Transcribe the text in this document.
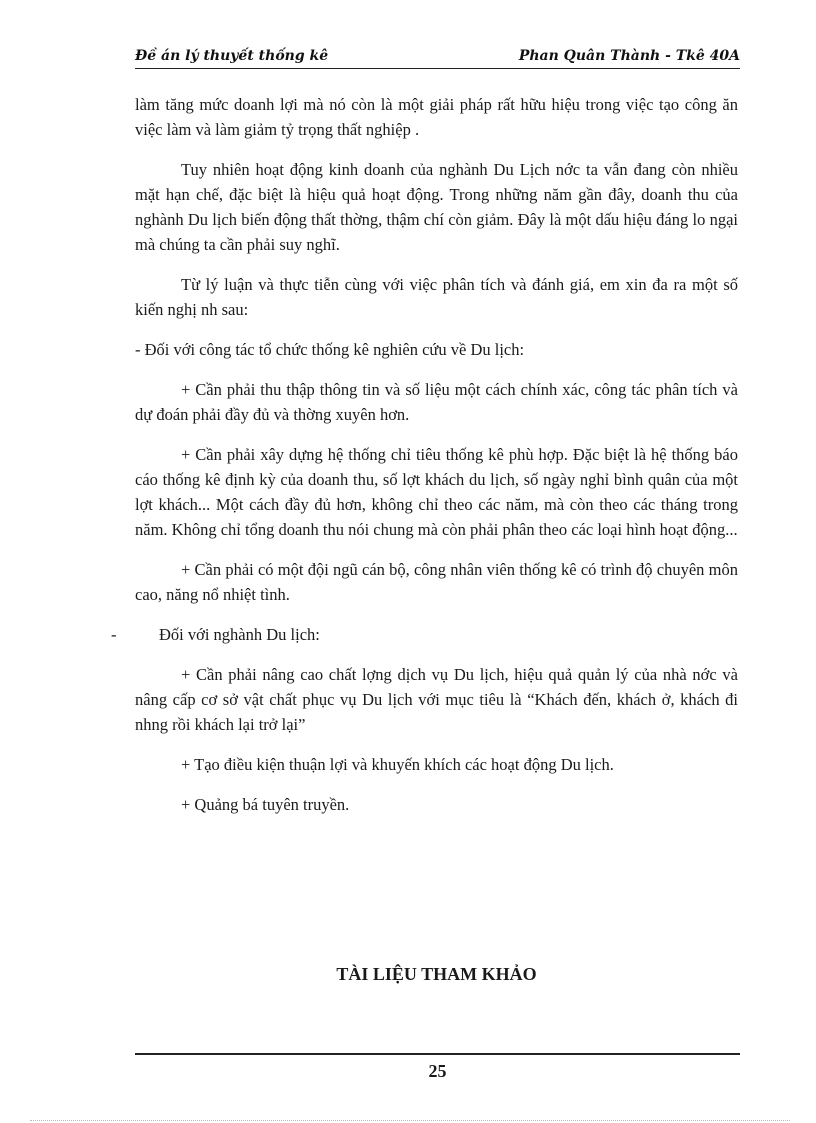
Đề án lý thuyết thống kê	Phan Quân Thành - Tkê 40A

làm tăng mức doanh lợi mà nó còn là một giải pháp rất hữu hiệu trong việc tạo công ăn việc làm và làm giảm tỷ trọng thất nghiệp .

Tuy nhiên hoạt động kinh doanh của nghành Du Lịch nớc ta vẫn đang còn nhiều mặt hạn chế, đặc biệt là hiệu quả hoạt động. Trong những năm gần đây, doanh thu của nghành Du lịch biến động thất thờng, thậm chí còn giảm. Đây là một dấu hiệu đáng lo ngại mà chúng ta cần phải suy nghĩ.

Từ lý luận và thực tiễn cùng với việc phân tích và đánh giá, em xin đa ra một số kiến nghị nh sau:

- Đối với công tác tổ chức thống kê nghiên cứu về Du lịch:

+ Cần phải thu thập thông tin và số liệu một cách chính xác, công tác phân tích và dự đoán phải đầy đủ và thờng xuyên hơn.

+ Cần phải xây dựng hệ thống chỉ tiêu thống kê phù hợp. Đặc biệt là hệ thống báo cáo thống kê định kỳ của doanh thu, số lợt khách du lịch, số ngày nghỉ bình quân của một lợt khách... Một cách đầy đủ hơn, không chỉ theo các năm, mà còn theo các tháng trong năm. Không chỉ tổng doanh thu nói chung mà còn phải phân theo các loại hình hoạt động...

+ Cần phải có một đội ngũ cán bộ, công nhân viên thống kê có trình độ chuyên môn cao, năng nổ nhiệt tình.

-	Đối với nghành Du lịch:

+ Cần phải nâng cao chất lợng dịch vụ Du lịch, hiệu quả quản lý của nhà nớc và nâng cấp cơ sở vật chất phục vụ Du lịch với mục tiêu là “Khách đến, khách ở, khách đi nhng rồi khách lại trở lại”

+ Tạo điều kiện thuận lợi và khuyến khích các hoạt động Du lịch.

+ Quảng bá tuyên truyền.

TÀI LIỆU THAM KHẢO
25
